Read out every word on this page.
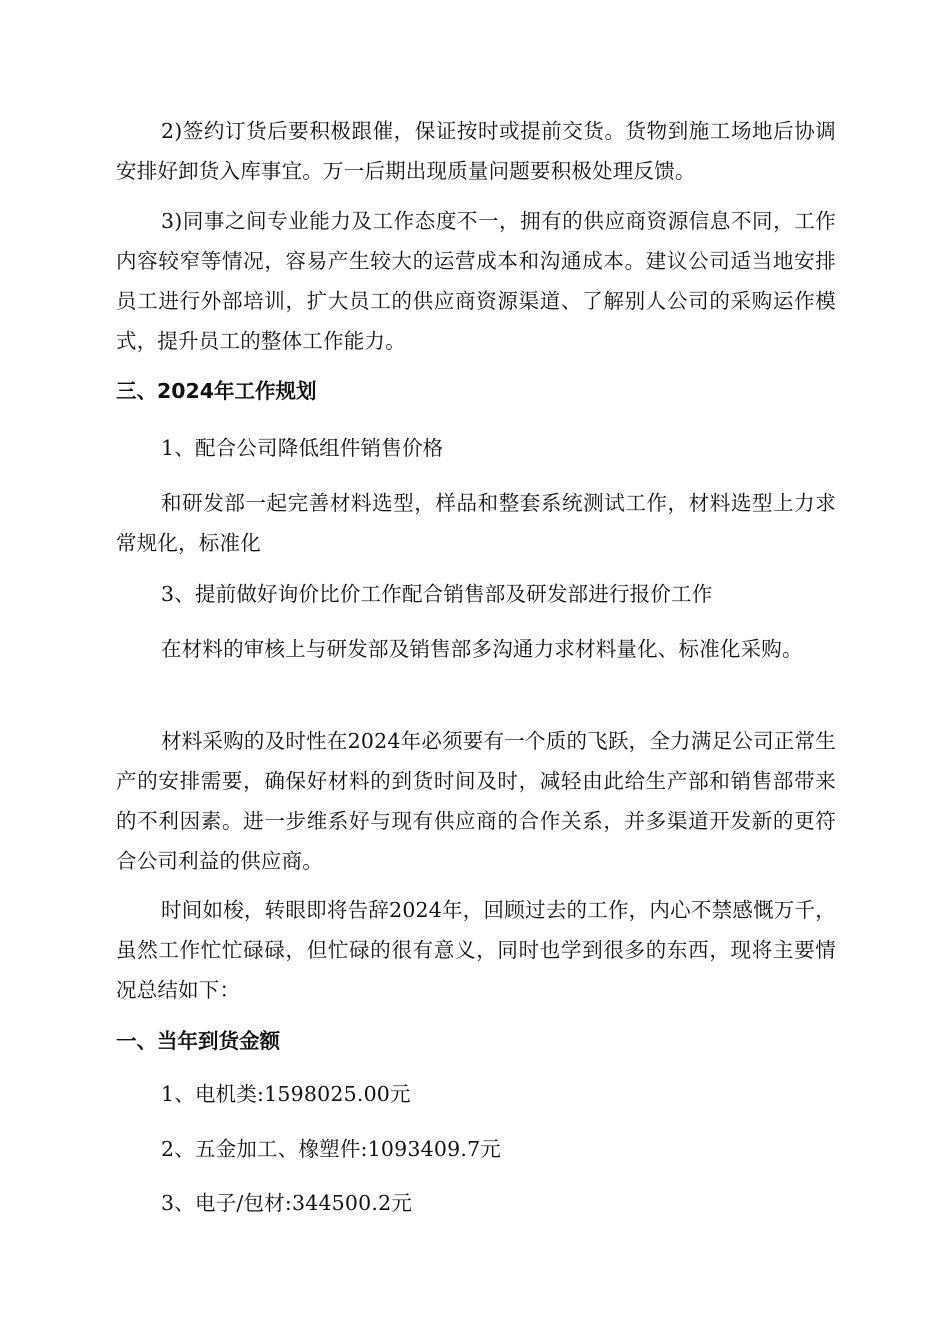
2)签约订货后要积极跟催，保证按时或提前交货。货物到施工场地后协调安排好卸货入库事宜。万一后期出现质量问题要积极处理反馈。

3)同事之间专业能力及工作态度不一，拥有的供应商资源信息不同，工作内容较窄等情况，容易产生较大的运营成本和沟通成本。建议公司适当地安排员工进行外部培训，扩大员工的供应商资源渠道、了解别人公司的采购运作模式，提升员工的整体工作能力。

三、2024年工作规划

1、配合公司降低组件销售价格

和研发部一起完善材料选型，样品和整套系统测试工作，材料选型上力求常规化，标准化

3、提前做好询价比价工作配合销售部及研发部进行报价工作

在材料的审核上与研发部及销售部多沟通力求材料量化、标准化采购。

材料采购的及时性在2024年必须要有一个质的飞跃，全力满足公司正常生产的安排需要，确保好材料的到货时间及时，减轻由此给生产部和销售部带来的不利因素。进一步维系好与现有供应商的合作关系，并多渠道开发新的更符合公司利益的供应商。

时间如梭，转眼即将告辞2024年，回顾过去的工作，内心不禁感慨万千，虽然工作忙忙碌碌，但忙碌的很有意义，同时也学到很多的东西，现将主要情况总结如下：

一、当年到货金额

1、电机类:1598025.00元

2、五金加工、橡塑件:1093409.7元

3、电子/包材:344500.2元
